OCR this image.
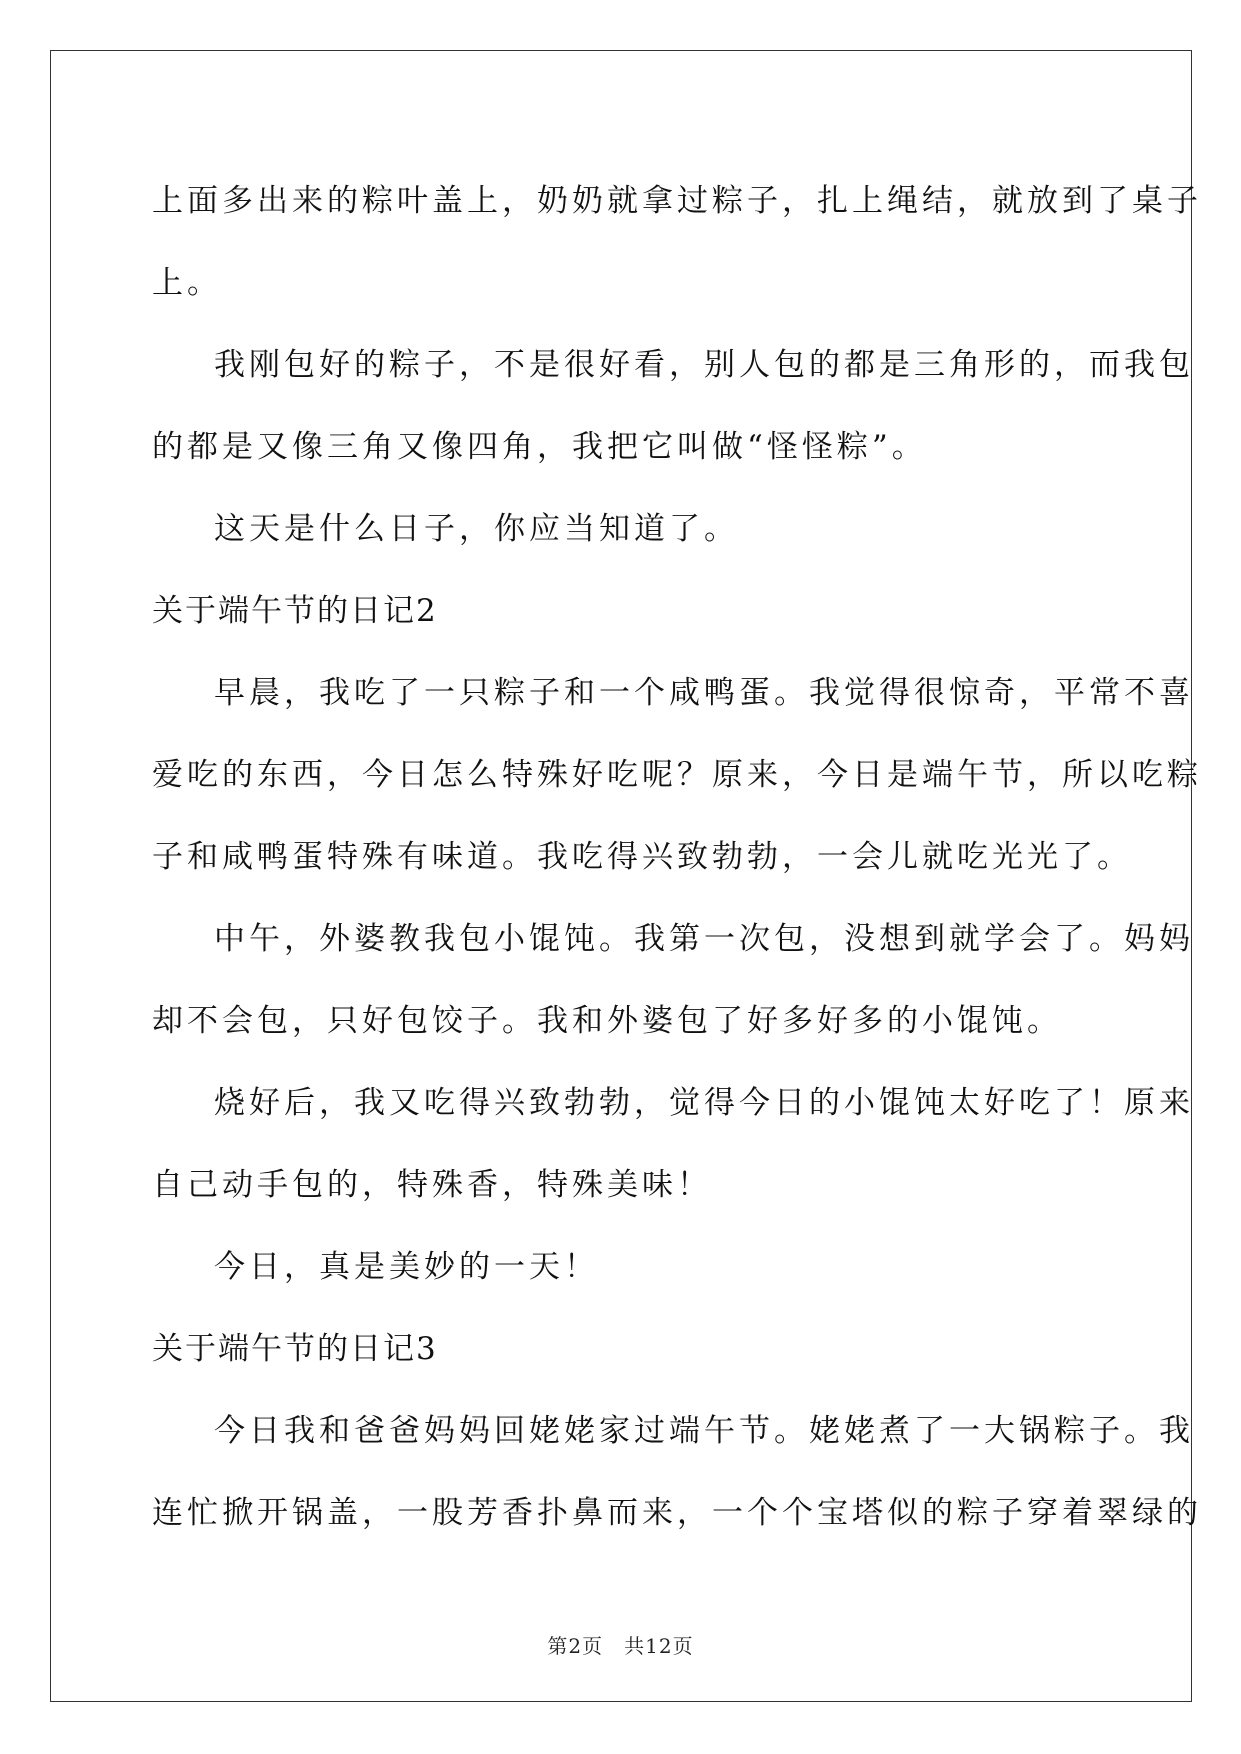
上面多出来的粽叶盖上，奶奶就拿过粽子，扎上绳结，就放到了桌子
上。
我刚包好的粽子，不是很好看，别人包的都是三角形的，而我包
的都是又像三角又像四角，我把它叫做“怪怪粽”。
这天是什么日子，你应当知道了。
关于端午节的日记2
早晨，我吃了一只粽子和一个咸鸭蛋。我觉得很惊奇，平常不喜
爱吃的东西，今日怎么特殊好吃呢？原来，今日是端午节，所以吃粽
子和咸鸭蛋特殊有味道。我吃得兴致勃勃，一会儿就吃光光了。
中午，外婆教我包小馄饨。我第一次包，没想到就学会了。妈妈
却不会包，只好包饺子。我和外婆包了好多好多的小馄饨。
烧好后，我又吃得兴致勃勃，觉得今日的小馄饨太好吃了！原来
自己动手包的，特殊香，特殊美味！
今日，真是美妙的一天！
关于端午节的日记3
今日我和爸爸妈妈回姥姥家过端午节。姥姥煮了一大锅粽子。我
连忙掀开锅盖，一股芳香扑鼻而来，一个个宝塔似的粽子穿着翠绿的
第2页　共12页
